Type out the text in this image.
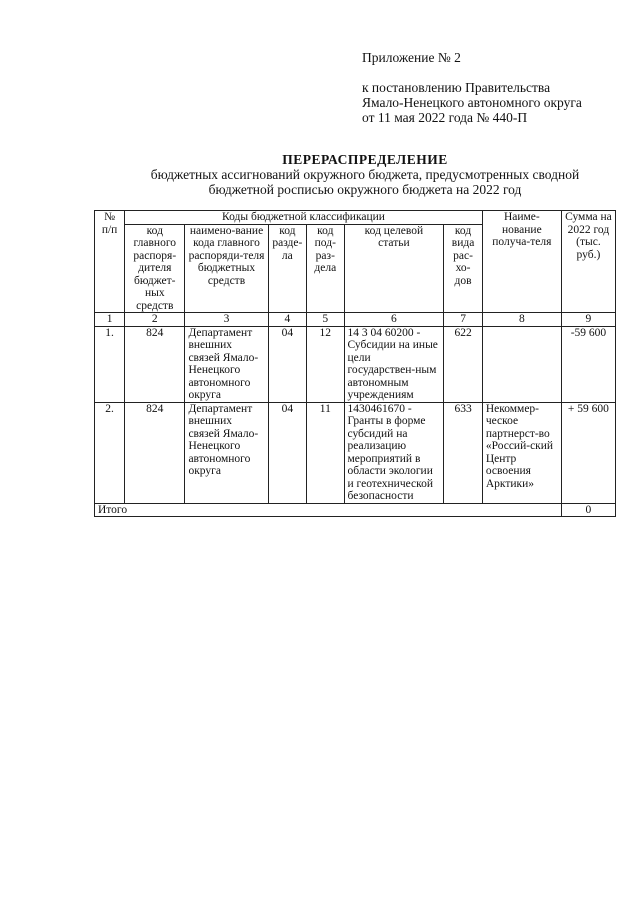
Приложение № 2
к постановлению Правительства
Ямало-Ненецкого автономного округа
от 11 мая 2022 года № 440-П
ПЕРЕРАСПРЕДЕЛЕНИЕ
бюджетных ассигнований окружного бюджета, предусмотренных сводной
бюджетной росписью окружного бюджета на 2022 год
№ п/п	Коды бюджетной классификации						Наиме-нование получа-теля	Сумма на 2022 год (тыс. руб.)
	код главного распоря-дителя бюджет-ных средств	наимено-вание кода главного распоряди-теля бюджетных средств	код разде-ла	код под-раз-дела	код целевой статьи	код вида рас-хо-дов		
1	2	3	4	5	6	7	8	9
1.	824	Департамент внешних связей Ямало-Ненецкого автономного округа	04	12	14 3 04 60200 - Субсидии на иные цели государствен-ным автономным учреждениям	622		-59 600
2.	824	Департамент внешних связей Ямало-Ненецкого автономного округа	04	11	1430461670 - Гранты в форме субсидий на реализацию мероприятий в области экологии и геотехнической безопасности	633	Некоммер-ческое партнерст-во «Россий-ский Центр освоения Арктики»	+ 59 600
Итого								0
